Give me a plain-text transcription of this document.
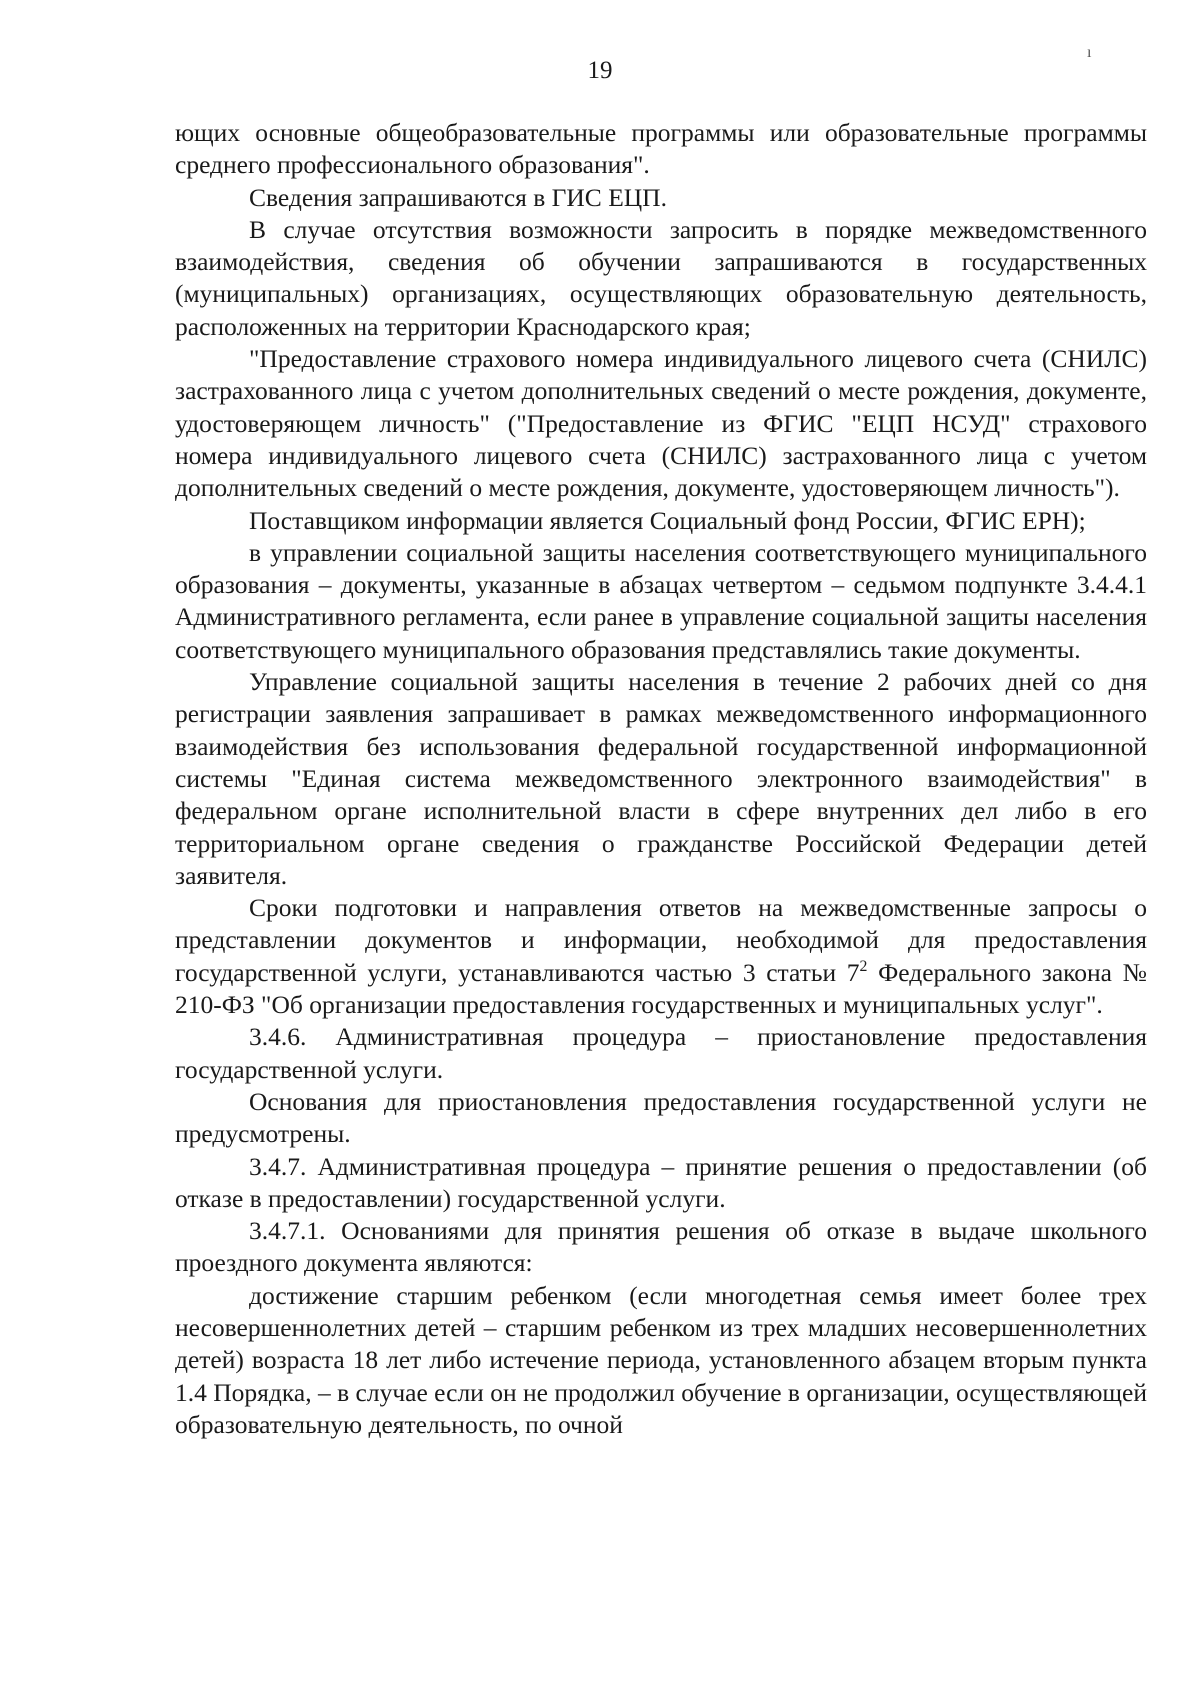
19
ı

ющих основные общеобразовательные программы или образовательные программы среднего профессионального образования".

Сведения запрашиваются в ГИС ЕЦП.

В случае отсутствия возможности запросить в порядке межведомственного взаимодействия, сведения об обучении запрашиваются в государственных (муниципальных) организациях, осуществляющих образовательную деятельность, расположенных на территории Краснодарского края;

"Предоставление страхового номера индивидуального лицевого счета (СНИЛС) застрахованного лица с учетом дополнительных сведений о месте рождения, документе, удостоверяющем личность" ("Предоставление из ФГИС "ЕЦП НСУД" страхового номера индивидуального лицевого счета (СНИЛС) застрахованного лица с учетом дополнительных сведений о месте рождения, документе, удостоверяющем личность").

Поставщиком информации является Социальный фонд России, ФГИС ЕРН);

в управлении социальной защиты населения соответствующего муниципального образования – документы, указанные в абзацах четвертом – седьмом подпункте 3.4.4.1 Административного регламента, если ранее в управление социальной защиты населения соответствующего муниципального образования представлялись такие документы.

Управление социальной защиты населения в течение 2 рабочих дней со дня регистрации заявления запрашивает в рамках межведомственного информационного взаимодействия без использования федеральной государственной информационной системы "Единая система межведомственного электронного взаимодействия" в федеральном органе исполнительной власти в сфере внутренних дел либо в его территориальном органе сведения о гражданстве Российской Федерации детей заявителя.

Сроки подготовки и направления ответов на межведомственные запросы о представлении документов и информации, необходимой для предоставления государственной услуги, устанавливаются частью 3 статьи $7^2$ Федерального закона № 210-ФЗ "Об организации предоставления государственных и муниципальных услуг".

3.4.6. Административная процедура – приостановление предоставления государственной услуги.

Основания для приостановления предоставления государственной услуги не предусмотрены.

3.4.7. Административная процедура – принятие решения о предоставлении (об отказе в предоставлении) государственной услуги.

3.4.7.1. Основаниями для принятия решения об отказе в выдаче школьного проездного документа являются:

достижение старшим ребенком (если многодетная семья имеет более трех несовершеннолетних детей – старшим ребенком из трех младших несовершеннолетних детей) возраста 18 лет либо истечение периода, установленного абзацем вторым пункта 1.4 Порядка, – в случае если он не продолжил обучение в организации, осуществляющей образовательную деятельность, по очной
